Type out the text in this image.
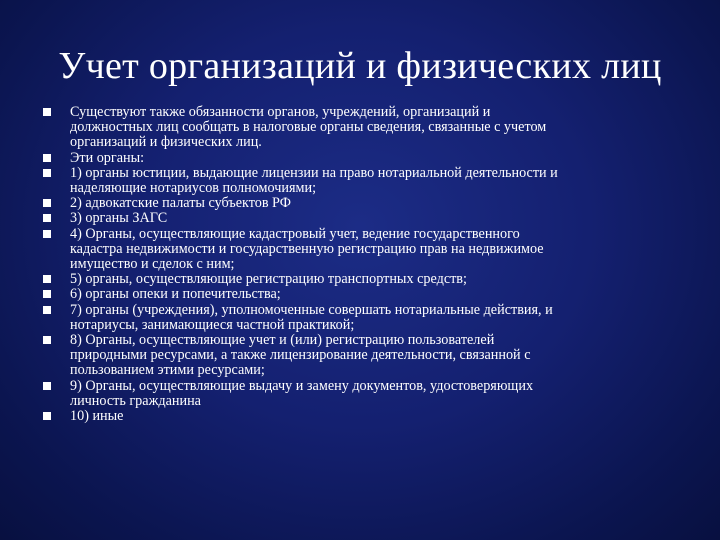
Учет организаций и физических лиц
Существуют также обязанности органов, учреждений, организаций и
должностных лиц сообщать в налоговые органы сведения, связанные с учетом
организаций и физических лиц.
Эти органы:
1) органы юстиции, выдающие лицензии на право нотариальной деятельности и
наделяющие нотариусов полномочиями;
2) адвокатские палаты субъектов РФ
3) органы ЗАГС
4) Органы, осуществляющие кадастровый учет, ведение государственного
кадастра недвижимости и государственную регистрацию прав на недвижимое
имущество и сделок с ним;
5) органы, осуществляющие регистрацию транспортных средств;
6) органы опеки и попечительства;
7) органы (учреждения), уполномоченные совершать нотариальные действия, и
нотариусы, занимающиеся частной практикой;
8) Органы, осуществляющие учет и (или) регистрацию пользователей
природными ресурсами, а также лицензирование деятельности, связанной с
пользованием этими ресурсами;
9) Органы, осуществляющие выдачу и замену документов, удостоверяющих
личность гражданина
10) иные
